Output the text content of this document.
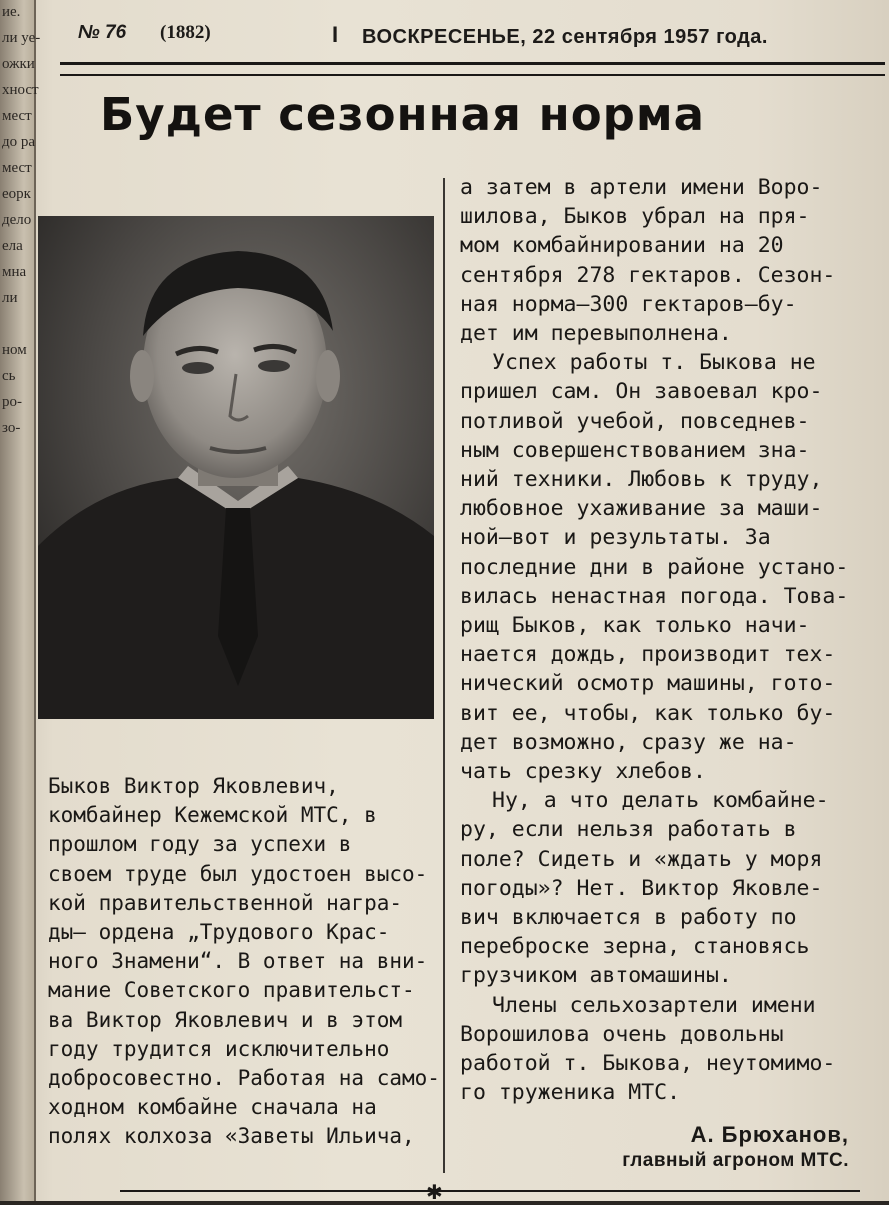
ие.
ли уе-
ожки
хност
мест
до ра
мест
еорк
дело
ела
мна
ли
ном
сь
ро-
зо-
№ 76 (1882)	I ВОСКРЕСЕНЬЕ, 22 сентября 1957 года.
Будет сезонная норма
Быков Виктор Яковлевич,
комбайнер Кежемской МТС, в
прошлом году за успехи в
своем труде был удостоен высо-
кой правительственной награ-
ды— ордена „Трудового Крас-
ного Знамени“. В ответ на вни-
мание Советского правительст-
ва Виктор Яковлевич и в этом
году трудится исключительно
добросовестно. Работая на само-
ходном комбайне сначала на
полях колхоза «Заветы Ильича,
а затем в артели имени Воро-
шилова, Быков убрал на пря-
мом комбайнировании на 20
сентября 278 гектаров. Сезон-
ная норма—300 гектаров—бу-
дет им перевыполнена.
Успех работы т. Быкова не
пришел сам. Он завоевал кро-
потливой учебой, повседнев-
ным совершенствованием зна-
ний техники. Любовь к труду,
любовное ухаживание за маши-
ной—вот и результаты. За
последние дни в районе устано-
вилась ненастная погода. Това-
рищ Быков, как только начи-
нается дождь, производит тех-
нический осмотр машины, гото-
вит ее, чтобы, как только бу-
дет возможно, сразу же на-
чать срезку хлебов.
Ну, а что делать комбайне-
ру, если нельзя работать в
поле? Сидеть и «ждать у моря
погоды»? Нет. Виктор Яковле-
вич включается в работу по
переброске зерна, становясь
грузчиком автомашины.
Члены сельхозартели имени
Ворошилова очень довольны
работой т. Быкова, неутомимо-
го труженика МТС.
А. Брюханов,
главный агроном МТС.
✱
